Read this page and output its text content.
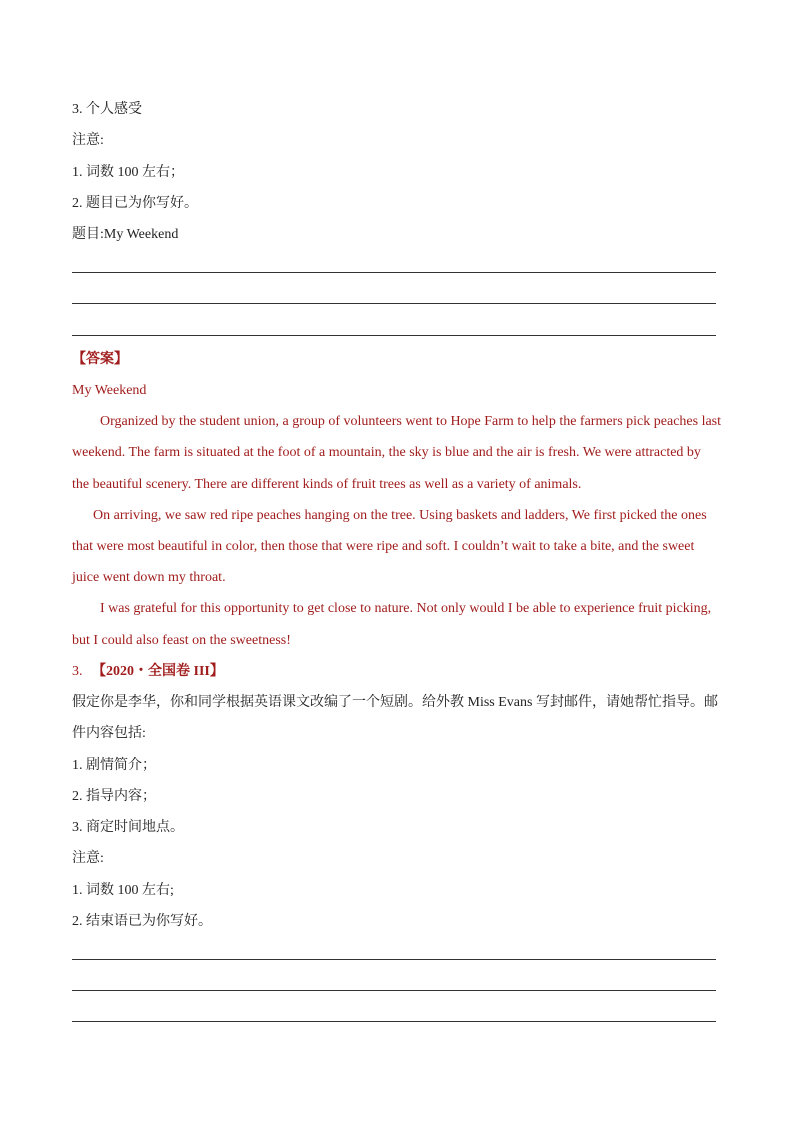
3. 个人感受
注意:
1. 词数 100 左右；
2. 题目已为你写好。
题目:My Weekend
【答案】
My Weekend
Organized by the student union, a group of volunteers went to Hope Farm to help the farmers pick peaches last
weekend. The farm is situated at the foot of a mountain, the sky is blue and the air is fresh. We were attracted by
the beautiful scenery. There are different kinds of fruit trees as well as a variety of animals.
On arriving, we saw red ripe peaches hanging on the tree. Using baskets and ladders, We first picked the ones
that were most beautiful in color, then those that were ripe and soft. I couldn’t wait to take a bite, and the sweet
juice went down my throat.
I was grateful for this opportunity to get close to nature. Not only would I be able to experience fruit picking,
but I could also feast on the sweetness!
3. 【2020・全国卷 III】
假定你是李华，你和同学根据英语课文改编了一个短剧。给外教 Miss Evans 写封邮件，请她帮忙指导。邮
件内容包括:
1. 剧情简介；
2. 指导内容；
3. 商定时间地点。
注意:
1. 词数 100 左右;
2. 结束语已为你写好。
